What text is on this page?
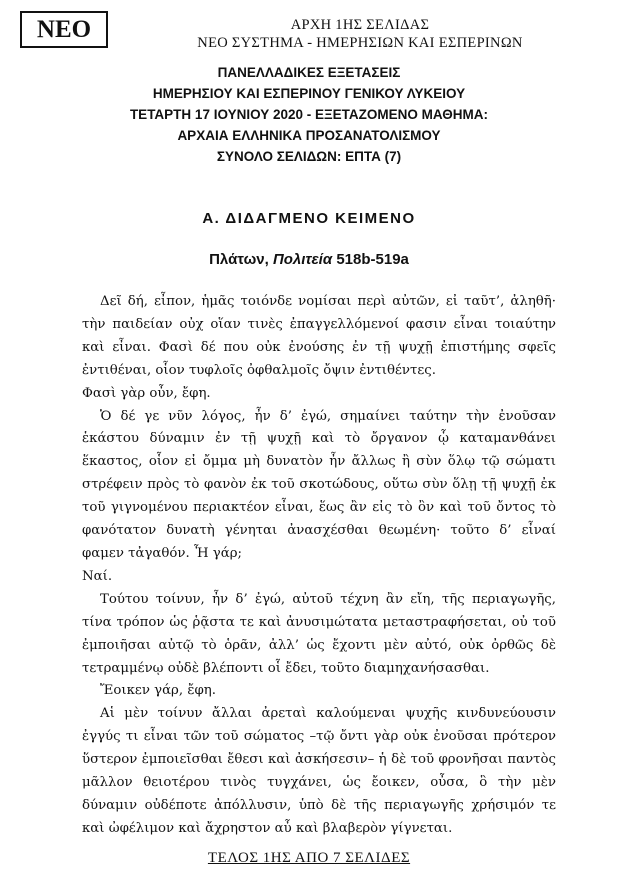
ΝΕΟ	ΑΡΧΗ 1ΗΣ ΣΕΛΙΔΑΣ
ΝΕΟ ΣΥΣΤΗΜΑ - ΗΜΕΡΗΣΙΩΝ ΚΑΙ ΕΣΠΕΡΙΝΩΝ
ΠΑΝΕΛΛΑΔΙΚΕΣ ΕΞΕΤΑΣΕΙΣ
ΗΜΕΡΗΣΙΟΥ ΚΑΙ ΕΣΠΕΡΙΝΟΥ ΓΕΝΙΚΟΥ ΛΥΚΕΙΟΥ
ΤΕΤΑΡΤΗ 17 ΙΟΥΝΙΟΥ 2020 - ΕΞΕΤΑΖΟΜΕΝΟ ΜΑΘΗΜΑ:
ΑΡΧΑΙΑ ΕΛΛΗΝΙΚΑ ΠΡΟΣΑΝΑΤΟΛΙΣΜΟΥ
ΣΥΝΟΛΟ ΣΕΛΙΔΩΝ: ΕΠΤΑ (7)
Α. ΔΙΔΑΓΜΕΝΟ ΚΕΙΜΕΝΟ
Πλάτων, Πολιτεία 518b-519a

Δεῖ δή, εἶπον, ἡμᾶς τοιόνδε νομίσαι περὶ αὐτῶν, εἰ ταῦτ’, ἀληθῆ· τὴν παιδείαν οὐχ οἵαν τινὲς ἐπαγγελλόμενοί φασιν εἶναι τοιαύτην καὶ εἶναι. Φασὶ δέ που οὐκ ἐνούσης ἐν τῇ ψυχῇ ἐπιστήμης σφεῖς ἐντιθέναι, οἷον τυφλοῖς ὀφθαλμοῖς ὄψιν ἐντιθέντες.

Φασὶ γὰρ οὖν, ἔφη.

Ὁ δέ γε νῦν λόγος, ἦν δ’ ἐγώ, σημαίνει ταύτην τὴν ἐνοῦσαν ἑκάστου δύναμιν ἐν τῇ ψυχῇ καὶ τὸ ὄργανον ᾧ καταμανθάνει ἕκαστος, οἷον εἰ ὄμμα μὴ δυνατὸν ἦν ἄλλως ἢ σὺν ὅλῳ τῷ σώματι στρέφειν πρὸς τὸ φανὸν ἐκ τοῦ σκοτώδους, οὕτω σὺν ὅλῃ τῇ ψυχῇ ἐκ τοῦ γιγνομένου περιακτέον εἶναι, ἕως ἂν εἰς τὸ ὂν καὶ τοῦ ὄντος τὸ φανότατον δυνατὴ γένηται ἀνασχέσθαι θεωμένη· τοῦτο δ’ εἶναί φαμεν τἀγαθόν. Ἦ γάρ;

Ναί.

Τούτου τοίνυν, ἦν δ’ ἐγώ, αὐτοῦ τέχνη ἂν εἴη, τῆς περιαγωγῆς, τίνα τρόπον ὡς ῥᾷστα τε καὶ ἀνυσιμώτατα μεταστραφήσεται, οὐ τοῦ ἐμποιῆσαι αὐτῷ τὸ ὁρᾶν, ἀλλ’ ὡς ἔχοντι μὲν αὐτό, οὐκ ὀρθῶς δὲ τετραμμένῳ οὐδὲ βλέποντι οἷ ἔδει, τοῦτο διαμηχανήσασθαι.

Ἔοικεν γάρ, ἔφη.

Αἱ μὲν τοίνυν ἄλλαι ἀρεταὶ καλούμεναι ψυχῆς κινδυνεύουσιν ἐγγύς τι εἶναι τῶν τοῦ σώματος –τῷ ὄντι γὰρ οὐκ ἐνοῦσαι πρότερον ὕστερον ἐμποιεῖσθαι ἔθεσι καὶ ἀσκήσεσιν– ἡ δὲ τοῦ φρονῆσαι παντὸς μᾶλλον θειοτέρου τινὸς τυγχάνει, ὡς ἔοικεν, οὖσα, ὃ τὴν μὲν δύναμιν οὐδέποτε ἀπόλλυσιν, ὑπὸ δὲ τῆς περιαγωγῆς χρήσιμόν τε καὶ ὠφέλιμον καὶ ἄχρηστον αὖ καὶ βλαβερὸν γίγνεται.

ΤΕΛΟΣ 1ΗΣ ΑΠΟ 7 ΣΕΛΙΔΕΣ
